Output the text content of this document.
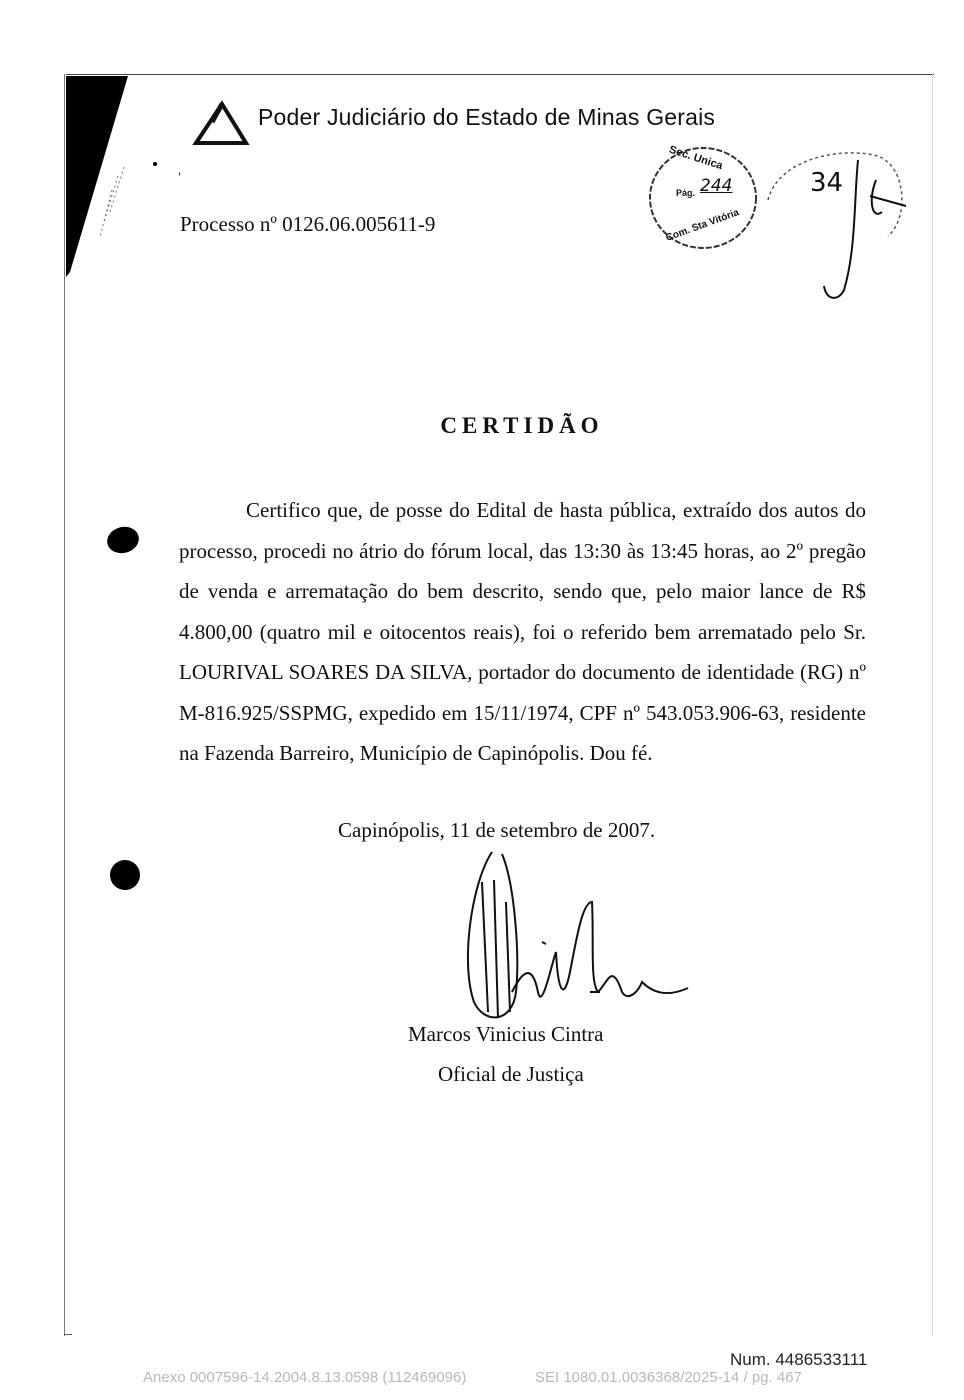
Poder Judiciário do Estado de Minas Gerais
Processo nº 0126.06.005611-9
Sec. Unica
Pág. 244
Com. Sta Vitória
34
CERTIDÃO

Certifico que, de posse do Edital de hasta pública, extraído dos autos do processo, procedi no átrio do fórum local, das 13:30 às 13:45 horas, ao 2º pregão de venda e arrematação do bem descrito, sendo que, pelo maior lance de R$ 4.800,00 (quatro mil e oitocentos reais), foi o referido bem arrematado pelo Sr. LOURIVAL SOARES DA SILVA, portador do documento de identidade (RG) nº M-816.925/SSPMG, expedido em 15/11/1974, CPF nº 543.053.906-63, residente na Fazenda Barreiro, Município de Capinópolis. Dou fé.

Capinópolis, 11 de setembro de 2007.
Marcos Vinicius Cintra
Oficial de Justiça
Num. 4486533111
Anexo 0007596-14.2004.8.13.0598 (112469096)	SEI 1080.01.0036368/2025-14 / pg. 467
